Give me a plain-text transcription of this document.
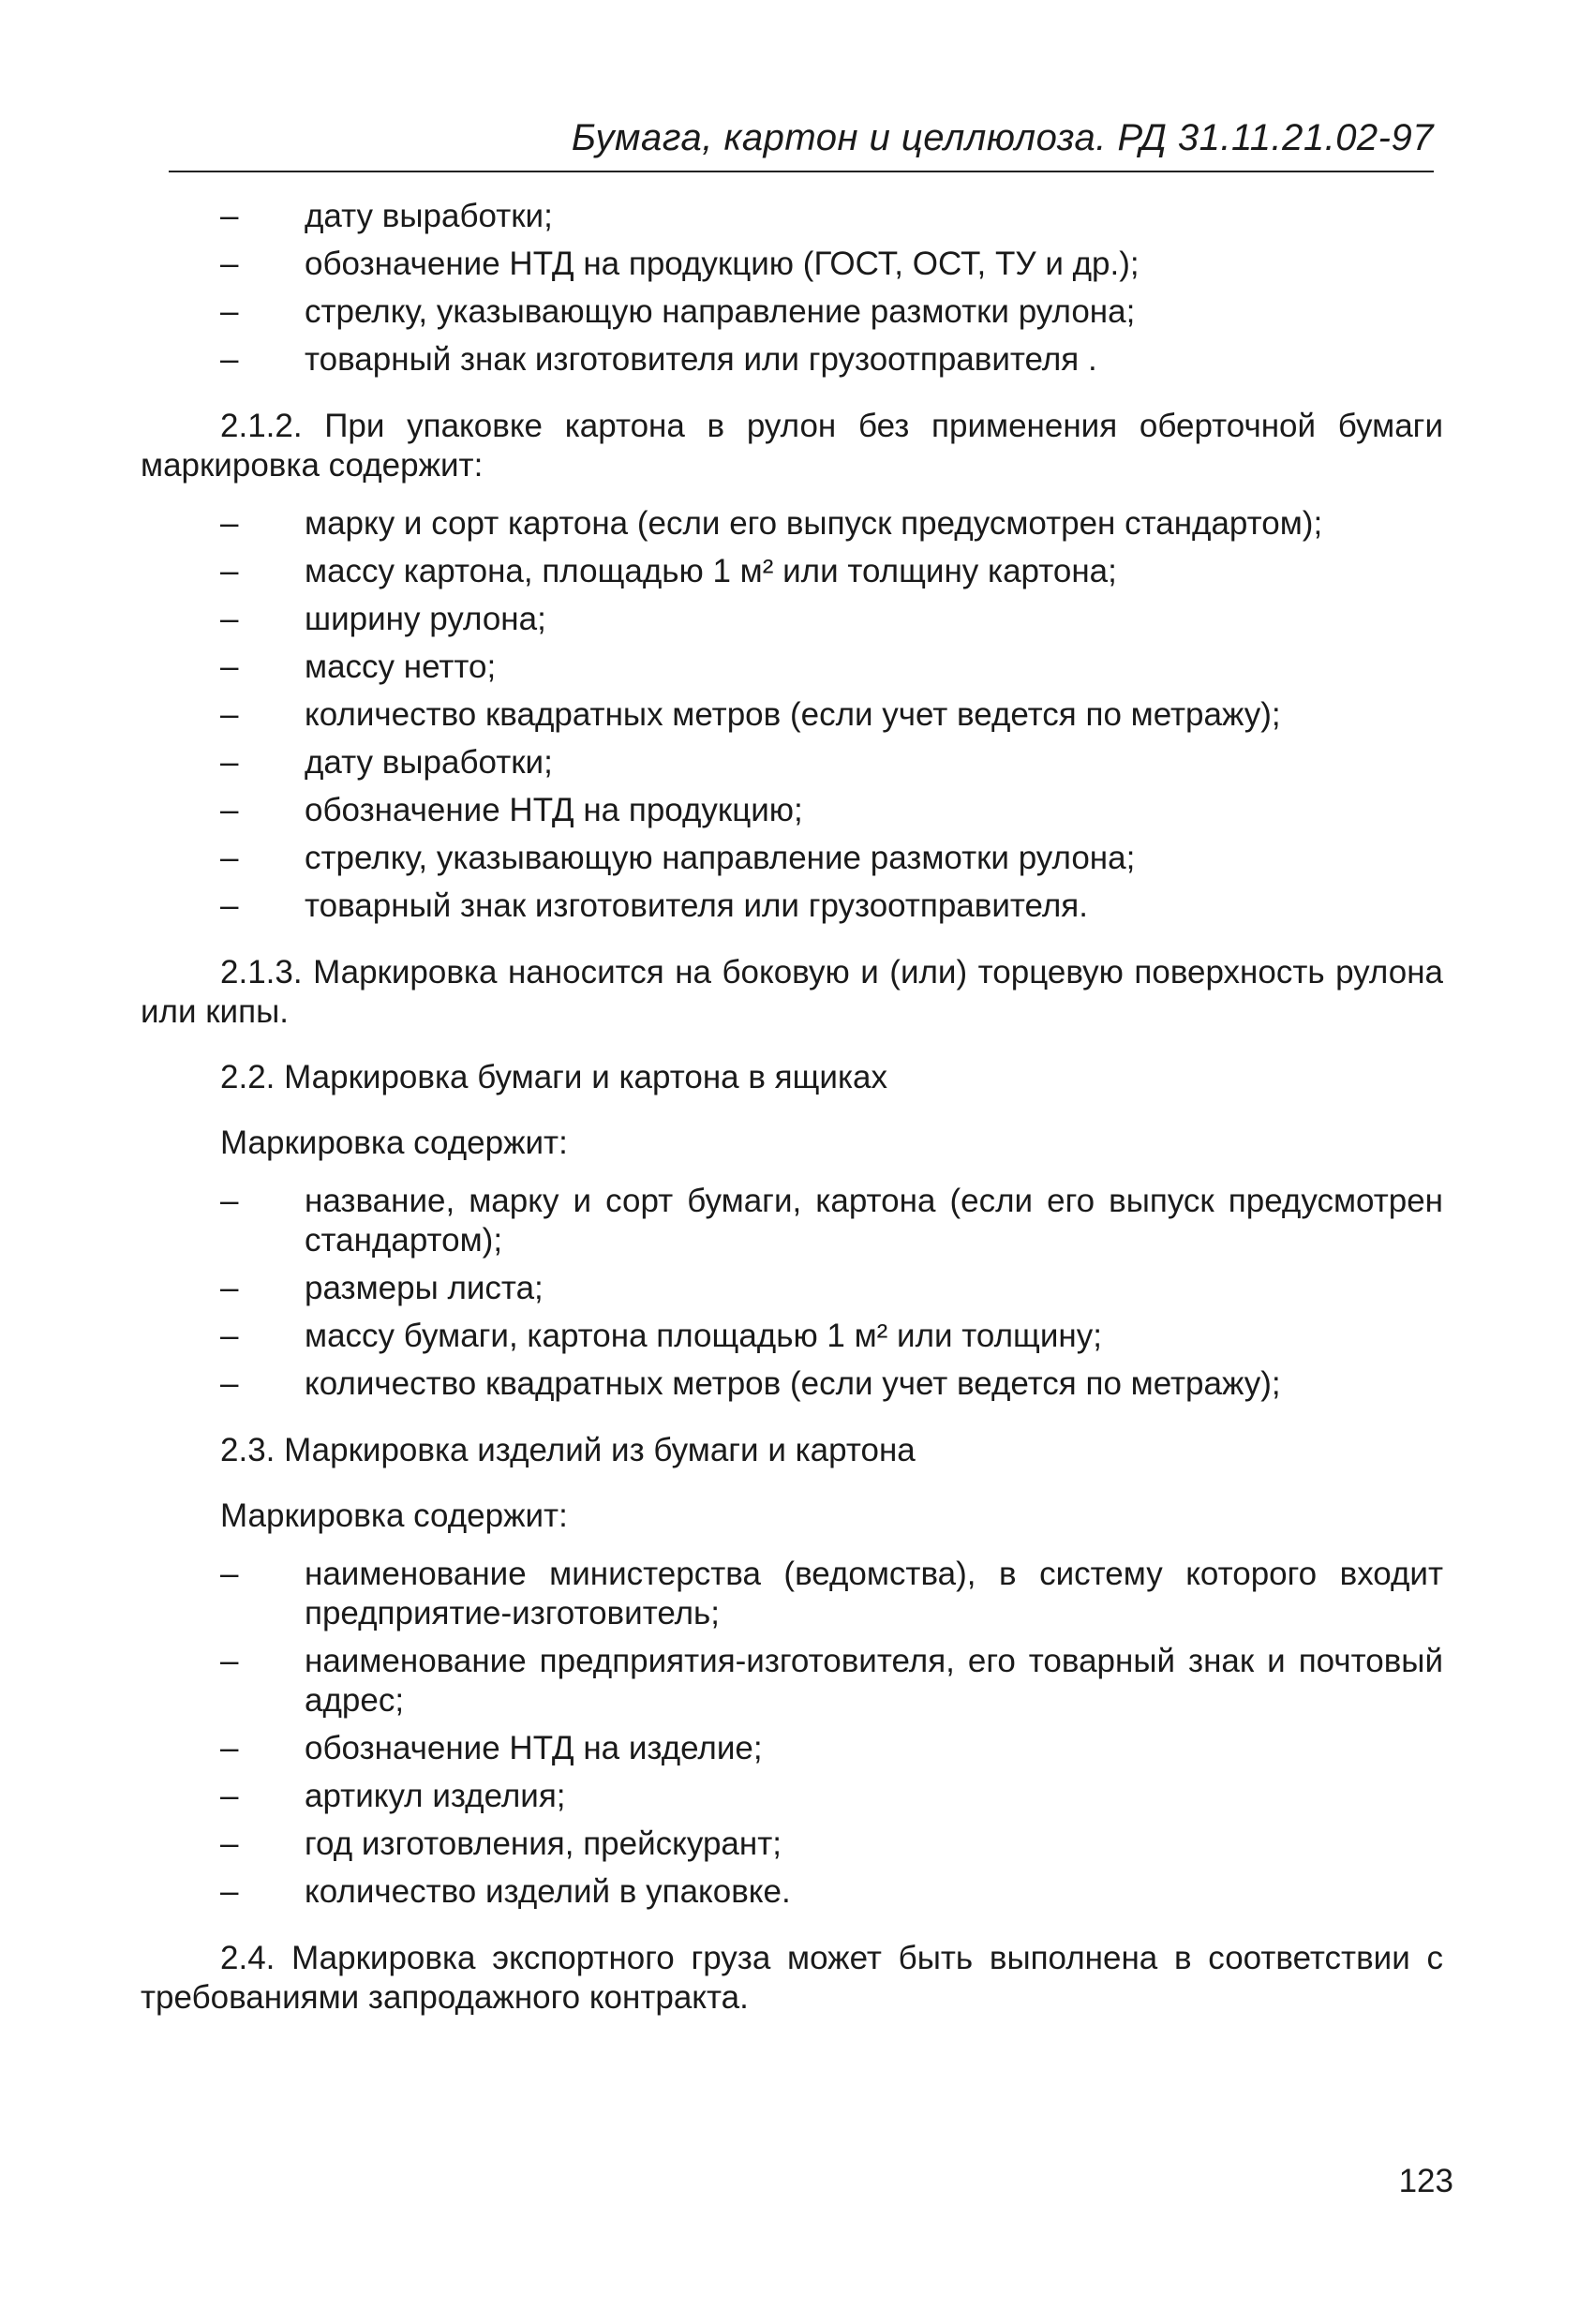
Бумага, картон и целлюлоза. РД 31.11.21.02-97
– дату выработки;
– обозначение НТД на продукцию (ГОСТ, ОСТ, ТУ и др.);
– стрелку, указывающую направление размотки рулона;
– товарный знак изготовителя или грузоотправителя .

2.1.2. При упаковке картона в рулон без применения оберточной бумаги маркировка содержит:

– марку и сорт картона (если его выпуск предусмотрен стандартом);
– массу картона, площадью 1 м² или толщину картона;
– ширину рулона;
– массу нетто;
– количество квадратных метров (если учет ведется по метражу);
– дату выработки;
– обозначение НТД на продукцию;
– стрелку, указывающую направление размотки рулона;
– товарный знак изготовителя или грузоотправителя.

2.1.3. Маркировка наносится на боковую и (или) торцевую поверхность рулона или кипы.

2.2. Маркировка бумаги и картона в ящиках

Маркировка содержит:

– название, марку и сорт бумаги, картона (если его выпуск предусмотрен стандартом);
– размеры листа;
– массу бумаги, картона площадью 1 м² или толщину;
– количество квадратных метров (если учет ведется по метражу);

2.3. Маркировка изделий из бумаги и картона

Маркировка содержит:

– наименование министерства (ведомства), в систему которого входит предприятие-изготовитель;
– наименование предприятия-изготовителя, его товарный знак и почтовый адрес;
– обозначение НТД на изделие;
– артикул изделия;
– год изготовления, прейскурант;
– количество изделий в упаковке.

2.4. Маркировка экспортного груза может быть выполнена в соответствии с требованиями запродажного контракта.

123
